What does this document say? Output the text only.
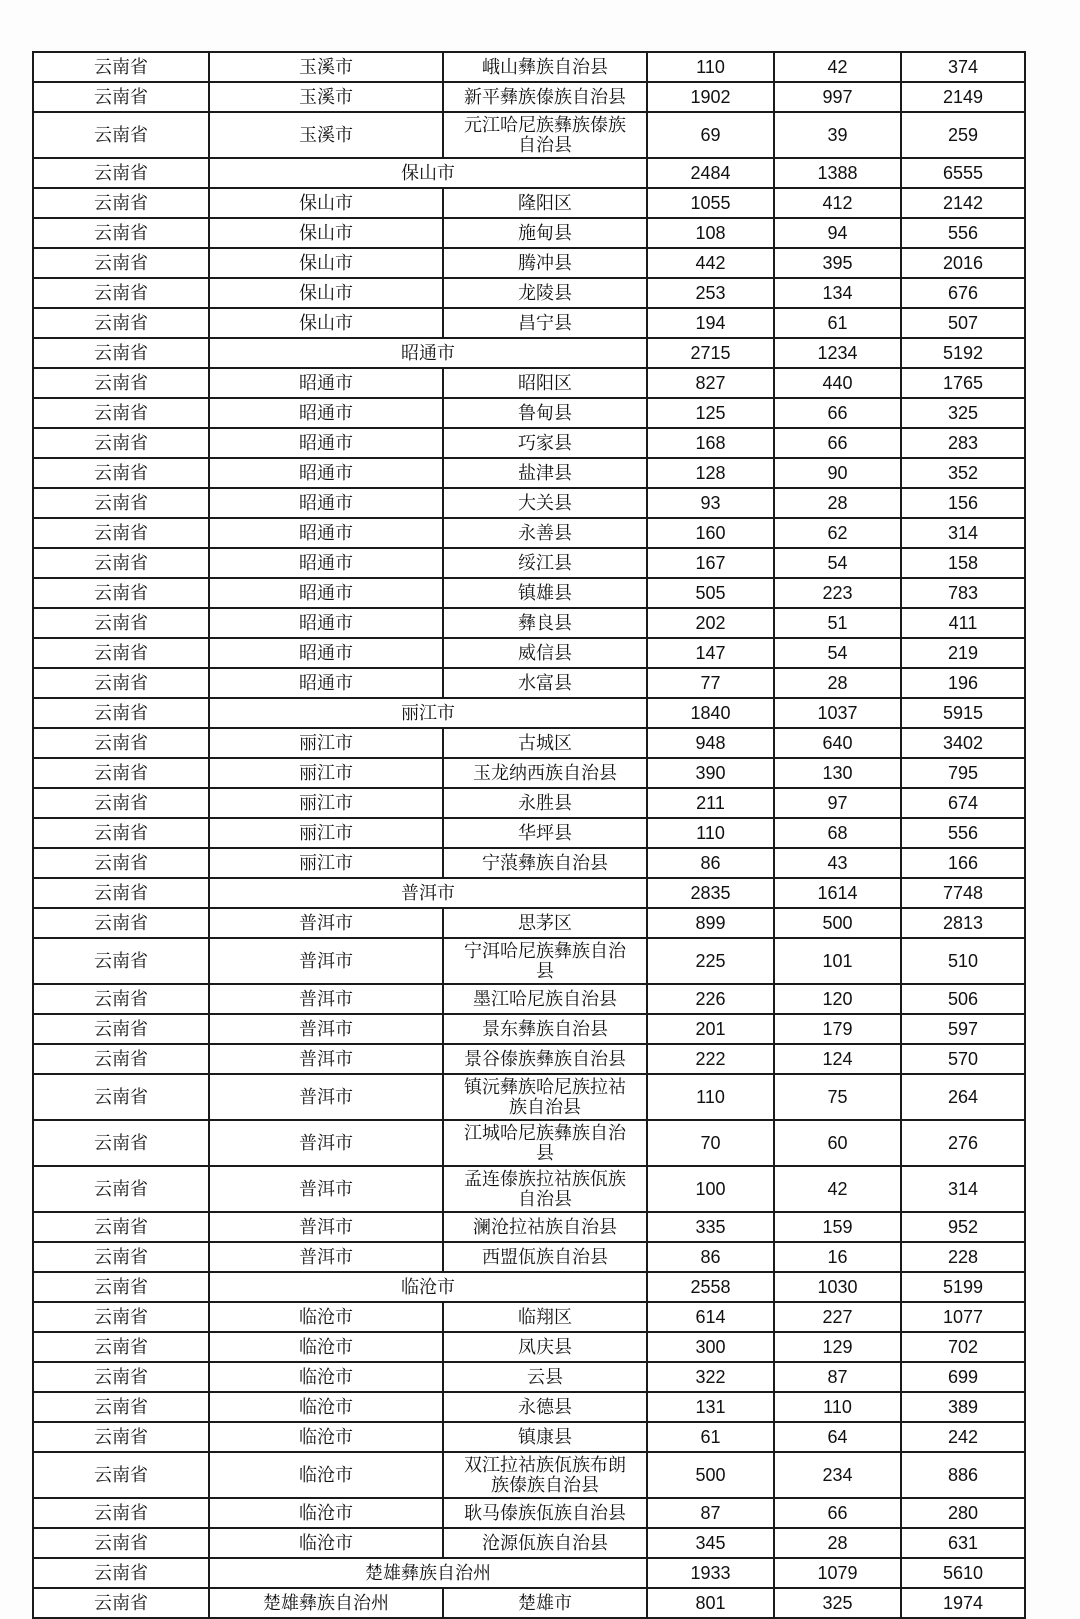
云南省	玉溪市	峨山彝族自治县	110	42	374
云南省	玉溪市	新平彝族傣族自治县	1902	997	2149
云南省	玉溪市	元江哈尼族彝族傣族自治县	69	39	259
云南省	保山市		2484	1388	6555
云南省	保山市	隆阳区	1055	412	2142
云南省	保山市	施甸县	108	94	556
云南省	保山市	腾冲县	442	395	2016
云南省	保山市	龙陵县	253	134	676
云南省	保山市	昌宁县	194	61	507
云南省	昭通市		2715	1234	5192
云南省	昭通市	昭阳区	827	440	1765
云南省	昭通市	鲁甸县	125	66	325
云南省	昭通市	巧家县	168	66	283
云南省	昭通市	盐津县	128	90	352
云南省	昭通市	大关县	93	28	156
云南省	昭通市	永善县	160	62	314
云南省	昭通市	绥江县	167	54	158
云南省	昭通市	镇雄县	505	223	783
云南省	昭通市	彝良县	202	51	411
云南省	昭通市	威信县	147	54	219
云南省	昭通市	水富县	77	28	196
云南省	丽江市		1840	1037	5915
云南省	丽江市	古城区	948	640	3402
云南省	丽江市	玉龙纳西族自治县	390	130	795
云南省	丽江市	永胜县	211	97	674
云南省	丽江市	华坪县	110	68	556
云南省	丽江市	宁蒗彝族自治县	86	43	166
云南省	普洱市		2835	1614	7748
云南省	普洱市	思茅区	899	500	2813
云南省	普洱市	宁洱哈尼族彝族自治县	225	101	510
云南省	普洱市	墨江哈尼族自治县	226	120	506
云南省	普洱市	景东彝族自治县	201	179	597
云南省	普洱市	景谷傣族彝族自治县	222	124	570
云南省	普洱市	镇沅彝族哈尼族拉祜族自治县	110	75	264
云南省	普洱市	江城哈尼族彝族自治县	70	60	276
云南省	普洱市	孟连傣族拉祜族佤族自治县	100	42	314
云南省	普洱市	澜沧拉祜族自治县	335	159	952
云南省	普洱市	西盟佤族自治县	86	16	228
云南省	临沧市		2558	1030	5199
云南省	临沧市	临翔区	614	227	1077
云南省	临沧市	凤庆县	300	129	702
云南省	临沧市	云县	322	87	699
云南省	临沧市	永德县	131	110	389
云南省	临沧市	镇康县	61	64	242
云南省	临沧市	双江拉祜族佤族布朗族傣族自治县	500	234	886
云南省	临沧市	耿马傣族佤族自治县	87	66	280
云南省	临沧市	沧源佤族自治县	345	28	631
云南省	楚雄彝族自治州		1933	1079	5610
云南省	楚雄彝族自治州	楚雄市	801	325	1974
